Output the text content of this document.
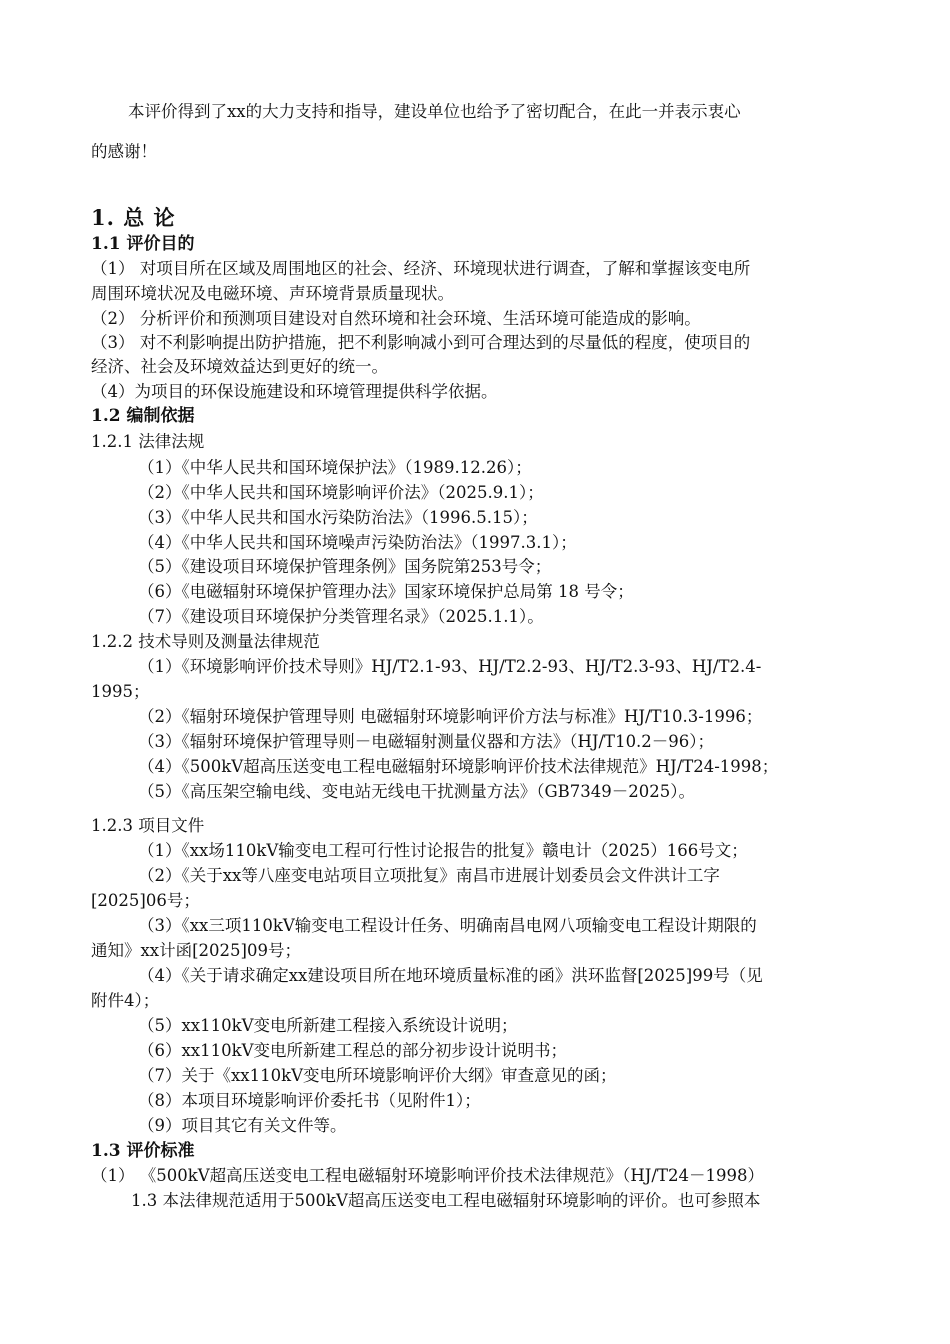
本评价得到了xx的大力支持和指导，建设单位也给予了密切配合，在此一并表示衷心
的感谢！
1. 总 论
1.1 评价目的
（1） 对项目所在区域及周围地区的社会、经济、环境现状进行调查，了解和掌握该变电所
周围环境状况及电磁环境、声环境背景质量现状。
（2） 分析评价和预测项目建设对自然环境和社会环境、生活环境可能造成的影响。
（3） 对不利影响提出防护措施，把不利影响减小到可合理达到的尽量低的程度，使项目的
经济、社会及环境效益达到更好的统一。
（4）为项目的环保设施建设和环境管理提供科学依据。
1.2 编制依据
1.2.1 法律法规
（1）《中华人民共和国环境保护法》（1989.12.26）；
（2）《中华人民共和国环境影响评价法》（2025.9.1）；
（3）《中华人民共和国水污染防治法》（1996.5.15）；
（4）《中华人民共和国环境噪声污染防治法》（1997.3.1）；
（5）《建设项目环境保护管理条例》国务院第253号令；
（6）《电磁辐射环境保护管理办法》国家环境保护总局第 18 号令；
（7）《建设项目环境保护分类管理名录》（2025.1.1）。
1.2.2 技术导则及测量法律规范
（1）《环境影响评价技术导则》HJ/T2.1-93、HJ/T2.2-93、HJ/T2.3-93、HJ/T2.4-
1995；
（2）《辐射环境保护管理导则 电磁辐射环境影响评价方法与标准》HJ/T10.3-1996；
（3）《辐射环境保护管理导则－电磁辐射测量仪器和方法》（HJ/T10.2－96）；
（4）《500kV超高压送变电工程电磁辐射环境影响评价技术法律规范》HJ/T24-1998；
（5）《高压架空输电线、变电站无线电干扰测量方法》（GB7349－2025）。
1.2.3 项目文件
（1）《xx场110kV输变电工程可行性讨论报告的批复》赣电计（2025）166号文；
（2）《关于xx等八座变电站项目立项批复》南昌市进展计划委员会文件洪计工字
[2025]06号；
（3）《xx三项110kV输变电工程设计任务、明确南昌电网八项输变电工程设计期限的
通知》xx计函[2025]09号；
（4）《关于请求确定xx建设项目所在地环境质量标准的函》洪环监督[2025]99号（见
附件4）；
（5）xx110kV变电所新建工程接入系统设计说明；
（6）xx110kV变电所新建工程总的部分初步设计说明书；
（7）关于《xx110kV变电所环境影响评价大纲》审查意见的函；
（8）本项目环境影响评价委托书（见附件1）；
（9）项目其它有关文件等。
1.3 评价标准
（1） 《500kV超高压送变电工程电磁辐射环境影响评价技术法律规范》（HJ/T24－1998）
1.3 本法律规范适用于500kV超高压送变电工程电磁辐射环境影响的评价。也可参照本
